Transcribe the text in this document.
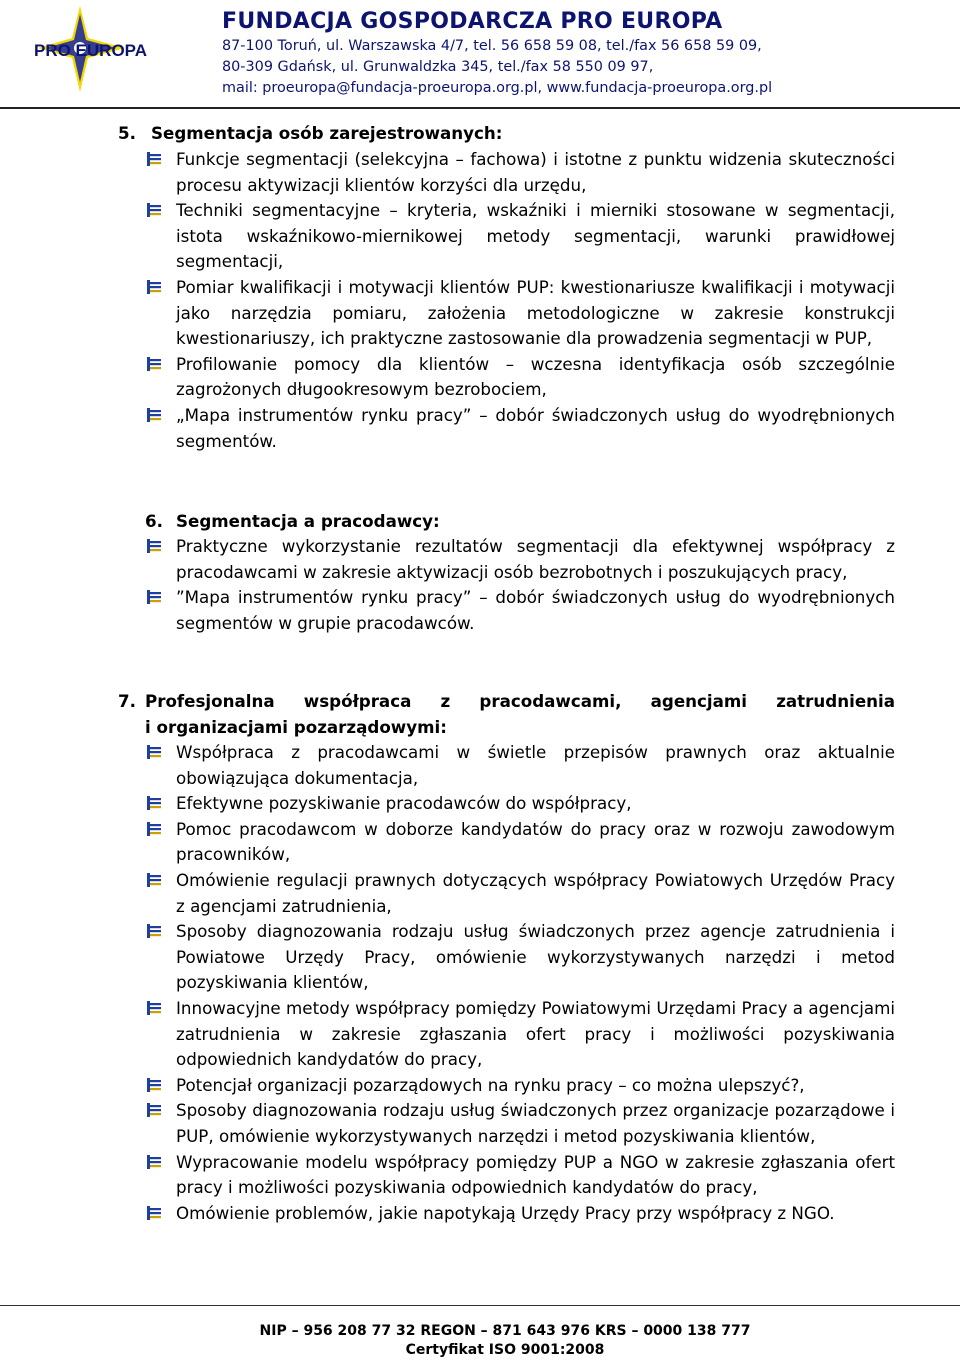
PRO EUROPA
FUNDACJA GOSPODARCZA PRO EUROPA
87-100 Toruń, ul. Warszawska 4/7, tel. 56 658 59 08, tel./fax 56 658 59 09,
80-309 Gdańsk, ul. Grunwaldzka 345, tel./fax 58 550 09 97,
mail: proeuropa@fundacja-proeuropa.org.pl, www.fundacja-proeuropa.org.pl
5. Segmentacja osób zarejestrowanych:
Funkcje segmentacji (selekcyjna – fachowa) i istotne z punktu widzenia skuteczności procesu aktywizacji klientów korzyści dla urzędu,
Techniki segmentacyjne – kryteria, wskaźniki i mierniki stosowane w segmentacji, istota wskaźnikowo-miernikowej metody segmentacji, warunki prawidłowej segmentacji,
Pomiar kwalifikacji i motywacji klientów PUP: kwestionariusze kwalifikacji i motywacji jako narzędzia pomiaru, założenia metodologiczne w zakresie konstrukcji kwestionariuszy, ich praktyczne zastosowanie dla prowadzenia segmentacji w PUP,
Profilowanie pomocy dla klientów – wczesna identyfikacja osób szczególnie zagrożonych długookresowym bezrobociem,
„Mapa instrumentów rynku pracy” – dobór świadczonych usług do wyodrębnionych segmentów.
6. Segmentacja a pracodawcy:
Praktyczne wykorzystanie rezultatów segmentacji dla efektywnej współpracy z pracodawcami w zakresie aktywizacji osób bezrobotnych i poszukujących pracy,
”Mapa instrumentów rynku pracy” – dobór świadczonych usług do wyodrębnionych segmentów w grupie pracodawców.
7. Profesjonalna współpraca z pracodawcami, agencjami zatrudnienia
i organizacjami pozarządowymi:
Współpraca z pracodawcami w świetle przepisów prawnych oraz aktualnie obowiązująca dokumentacja,
Efektywne pozyskiwanie pracodawców do współpracy,
Pomoc pracodawcom w doborze kandydatów do pracy oraz w rozwoju zawodowym pracowników,
Omówienie regulacji prawnych dotyczących współpracy Powiatowych Urzędów Pracy z agencjami zatrudnienia,
Sposoby diagnozowania rodzaju usług świadczonych przez agencje zatrudnienia i Powiatowe Urzędy Pracy, omówienie wykorzystywanych narzędzi i metod pozyskiwania klientów,
Innowacyjne metody współpracy pomiędzy Powiatowymi Urzędami Pracy a agencjami zatrudnienia w zakresie zgłaszania ofert pracy i możliwości pozyskiwania odpowiednich kandydatów do pracy,
Potencjał organizacji pozarządowych na rynku pracy – co można ulepszyć?,
Sposoby diagnozowania rodzaju usług świadczonych przez organizacje pozarządowe i PUP, omówienie wykorzystywanych narzędzi i metod pozyskiwania klientów,
Wypracowanie modelu współpracy pomiędzy PUP a NGO w zakresie zgłaszania ofert pracy i możliwości pozyskiwania odpowiednich kandydatów do pracy,
Omówienie problemów, jakie napotykają Urzędy Pracy przy współpracy z NGO.
NIP – 956 208 77 32 REGON – 871 643 976 KRS – 0000 138 777
Certyfikat ISO 9001:2008
